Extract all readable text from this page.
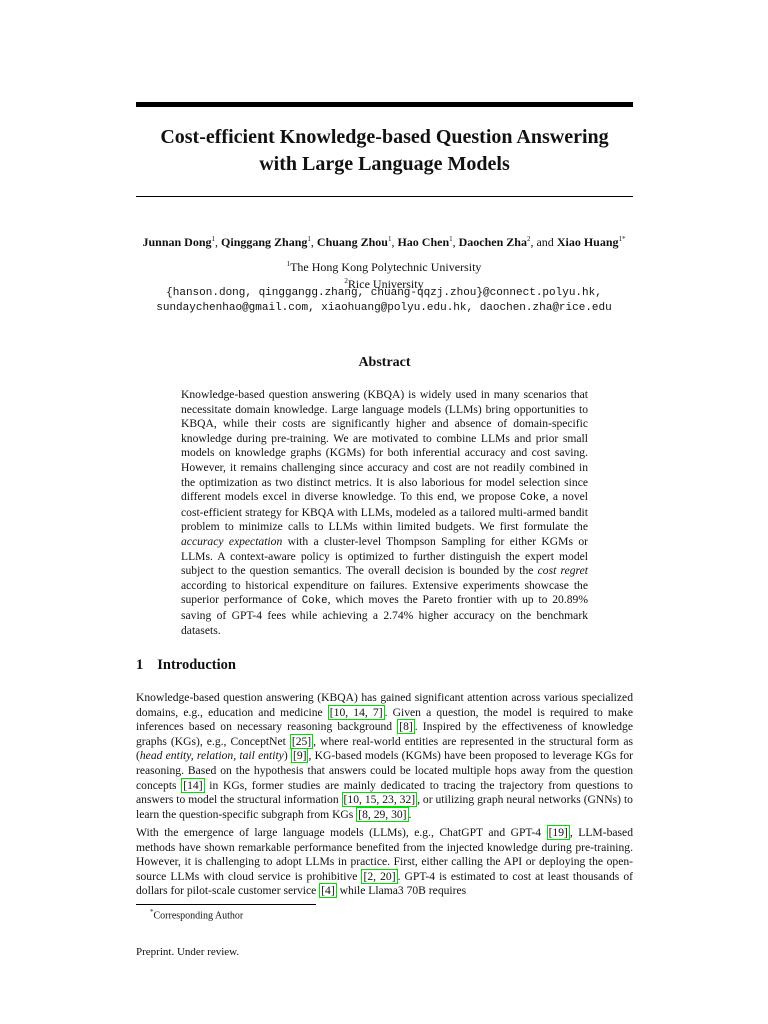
Cost-efficient Knowledge-based Question Answering
with Large Language Models
Junnan Dong$^1$, Qinggang Zhang$^1$, Chuang Zhou$^1$, Hao Chen$^1$, Daochen Zha$^2$, and Xiao Huang$^{1*}$
$^1$The Hong Kong Polytechnic University
$^2$Rice University
{hanson.dong, qinggangg.zhang, chuang-qqzj.zhou}@connect.polyu.hk,
sundaychenhao@gmail.com, xiaohuang@polyu.edu.hk, daochen.zha@rice.edu
Abstract
Knowledge-based question answering (KBQA) is widely used in many scenarios that necessitate domain knowledge. Large language models (LLMs) bring opportunities to KBQA, while their costs are significantly higher and absence of domain-specific knowledge during pre-training. We are motivated to combine LLMs and prior small models on knowledge graphs (KGMs) for both inferential accuracy and cost saving. However, it remains challenging since accuracy and cost are not readily combined in the optimization as two distinct metrics. It is also laborious for model selection since different models excel in diverse knowledge. To this end, we propose Coke, a novel cost-efficient strategy for KBQA with LLMs, modeled as a tailored multi-armed bandit problem to minimize calls to LLMs within limited budgets. We first formulate the accuracy expectation with a cluster-level Thompson Sampling for either KGMs or LLMs. A context-aware policy is optimized to further distinguish the expert model subject to the question semantics. The overall decision is bounded by the cost regret according to historical expenditure on failures. Extensive experiments showcase the superior performance of Coke, which moves the Pareto frontier with up to 20.89% saving of GPT-4 fees while achieving a 2.74% higher accuracy on the benchmark datasets.
1 Introduction
Knowledge-based question answering (KBQA) has gained significant attention across various specialized domains, e.g., education and medicine [10, 14, 7] . Given a question, the model is required to make inferences based on necessary reasoning background [8] . Inspired by the effectiveness of knowledge graphs (KGs), e.g., ConceptNet [25] , where real-world entities are represented in the structural form as (head entity, relation, tail entity) [9] , KG-based models (KGMs) have been proposed to leverage KGs for reasoning. Based on the hypothesis that answers could be located multiple hops away from the question concepts [14] in KGs, former studies are mainly dedicated to tracing the trajectory from questions to answers to model the structural information [10, 15, 23, 32] , or utilizing graph neural networks (GNNs) to learn the question-specific subgraph from KGs [8, 29, 30] .
With the emergence of large language models (LLMs), e.g., ChatGPT and GPT-4 [19] , LLM-based methods have shown remarkable performance benefited from the injected knowledge during pre-training. However, it is challenging to adopt LLMs in practice. First, either calling the API or deploying the open-source LLMs with cloud service is prohibitive [2, 20] . GPT-4 is estimated to cost at least thousands of dollars for pilot-scale customer service [4] while Llama3 70B requires
*Corresponding Author
Preprint. Under review.
